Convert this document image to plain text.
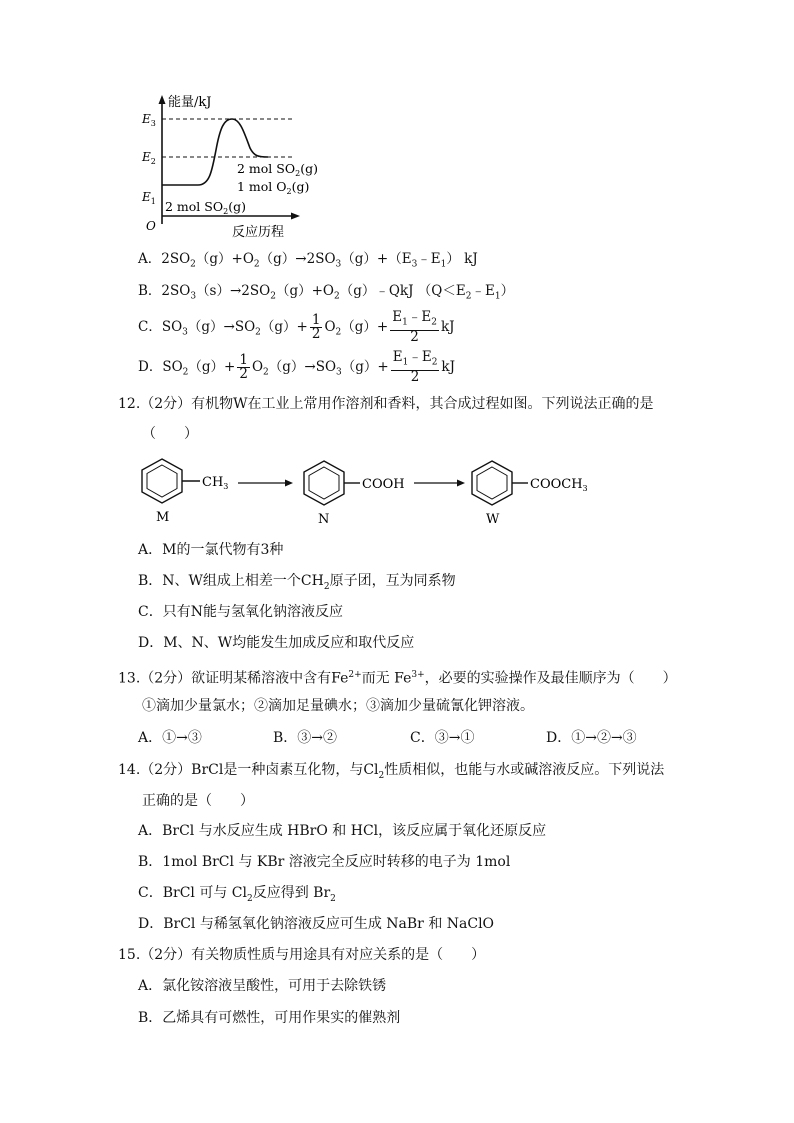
能量/kJ
$E_3$
$E_2$
$E_1$
O
2 mol $SO_2(g)$
1 mol $O_2(g)$
2 mol $SO_2(g)$
反应历程
A．$2SO_2(g)+O_2(g)\to 2SO_3(g)+(E_3﹣E_1)$ kJ
B．$2SO_3(s)\to 2SO_2(g)+O_2(g)﹣QkJ$ $(Q<E_2﹣E_1)$
C．$SO_3(g)\to SO_2(g)+ \frac{1}{2} O_2(g)+ \frac{E_1﹣E_2}{2}$ kJ
D．$SO_2(g)+ \frac{1}{2} O_2(g)\to SO_3(g)+ \frac{E_1﹣E_2}{2}$ kJ
12.（2分）有机物W在工业上常用作溶剂和香料，其合成过程如图。下列说法正确的是
（　　）
$CH_3$
M
COOH
N
$COOCH_3$
W
A．M的一氯代物有3种
B．N、W组成上相差一个$CH_2$原子团，互为同系物
C．只有N能与氢氧化钠溶液反应
D．M、N、W均能发生加成反应和取代反应
13.（2分）欲证明某稀溶液中含有$Fe^{2+}$而无 $Fe^{3+}$，必要的实验操作及最佳顺序为（　　）
①滴加少量氯水；②滴加足量碘水；③滴加少量硫氰化钾溶液。
A．①→③	B．③→②	C．③→①	D．①→②→③
14.（2分）BrCl是一种卤素互化物，与$Cl_2$性质相似，也能与水或碱溶液反应。下列说法
正确的是（　　）
A．BrCl 与水反应生成 HBrO 和 HCl，该反应属于氧化还原反应
B．1mol BrCl 与 KBr 溶液完全反应时转移的电子为 1mol
C．BrCl 可与 $Cl_2$反应得到 $Br_2$
D．BrCl 与稀氢氧化钠溶液反应可生成 NaBr 和 NaClO
15.（2分）有关物质性质与用途具有对应关系的是（　　）
A．氯化铵溶液呈酸性，可用于去除铁锈
B．乙烯具有可燃性，可用作果实的催熟剂
